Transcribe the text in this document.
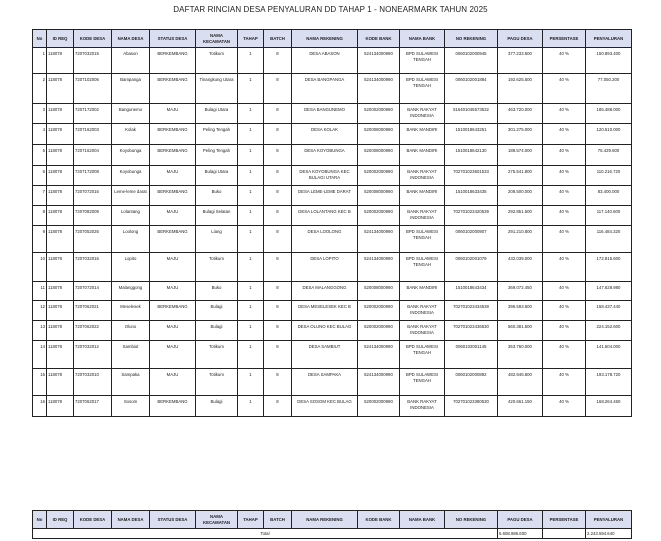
DAFTAR RINCIAN DESA PENYALURAN DD TAHAP 1 - NONEARMARK TAHUN 2025
No	ID REQ	KODE DESA	NAMA DESA	STATUS DESA	NAMA KECAMATAN	TAHAP	BATCH	NAMA REKENING	KODE BANK	NAMA BANK	NO REKENING	PAGU DESA	PERSENTASE	PENYALURAN
1	118078	7207032015	Abason	BERKEMBANG	Totikum	1	8	DESA ABASON	524134000990	BPD SULAWESI TENGAH	0060102000945	377.233.500	40 %	150.893.400
2	118078	7207102006	Bampanga	BERKEMBANG	Tinangkung Utara	1	8	DESA BANGPANGA	524134000990	BPD SULAWESI TENGAH	0060102001884	192.625.500	40 %	77.050.200
3	118078	7207172002	Bangunemo	MAJU	Bulagi Utara	1	8	DESA BANGUNEMO	520002000990	BANK RAKYAT INDONESIA	516401045573532	463.720.000	40 %	185.488.000
4	118078	7207162003	Kolak	BERKEMBANG	Peling Tengah	1	8	DESA KOLAK	520008000990	BANK MANDIRI	1510018643251	301.275.000	40 %	120.510.000
5	118078	7207162004	Koyobunga	BERKEMBANG	Peling Tengah	1	8	DESA KOYOBUNGA	520008000990	BANK MANDIRI	1510018642130	188.574.000	40 %	75.429.600
6	118078	7207172008	Koyobunga	MAJU	Bulagi Utara	1	8	DESA KOYOBUNGA KEC BULAGI UTARA	520002000990	BANK RAKYAT INDONESIA	702701023601533	275.541.800	40 %	110.216.720
7	118078	7207072016	Leme-leme darat	BERKEMBANG	Buko	1	8	DESA LEME-LEME DARAT	520008000990	BANK MANDIRI	1510018633435	208.500.000	40 %	83.400.000
8	118078	7207082009	Lolantang	MAJU	Bulagi Selatan	1	8	DESA LOLANTANG KEC B	520002000990	BANK RAKYAT INDONESIA	702701023420539	292.851.500	40 %	117.140.600
9	118078	7207052026	Loolong	BERKEMBANG	Liang	1	8	DESA LOOLONG	524134000990	BPD SULAWESI TENGAH	0060102000907	291.210.800	40 %	116.484.320
10	118078	7207032016	Lopito	MAJU	Totikum	1	8	DESA LOPITO	524134000990	BPD SULAWESI TENGAH	0060102001079	432.039.000	40 %	172.815.600
11	118078	7207072014	Malanggong	MAJU	Buko	1	8	DESA MALANGGONG	520008000990	BANK MANDIRI	1510018643434	369.072.450	40 %	147.628.980
12	118078	7207062021	Meselesek	BERKEMBANG	Bulagi	1	8	DESA MESELESEK KEC B	520002000990	BANK RAKYAT INDONESIA	702701023434538	396.593.600	40 %	158.437.440
13	118078	7207062022	Oluno	MAJU	Bulagi	1	8	DESA OLUNO KEC BULAG	520002000990	BANK RAKYAT INDONESIA	702701023436530	560.381.500	40 %	224.152.600
14	118078	7207032012	Sambiut	MAJU	Totikum	1	8	DESA SAMBIUT	524134000990	BPD SULAWESI TENGAH	0060102001145	353.760.000	40 %	141.504.000
15	118078	7207032010	Sampaka	MAJU	Totikum	1	8	DESA SAMPAKA	524134000990	BPD SULAWESI TENGAH	0060102000892	482.946.800	40 %	193.178.720
16	118078	7207062017	Sosom	BERKEMBANG	Bulagi	1	8	DESA SOSOM KEC BULAG	520002000990	BANK RAKYAT INDONESIA	702701023380530	420.661.150	40 %	168.264.460
No	ID REQ	KODE DESA	NAMA DESA	STATUS DESA	NAMA KECAMATAN	TAHAP	BATCH	NAMA REKENING	KODE BANK	NAMA BANK	NO REKENING	PAGU DESA	PERSENTASE	PENYALURAN
Total												5.608.986.600		2.243.594.640
